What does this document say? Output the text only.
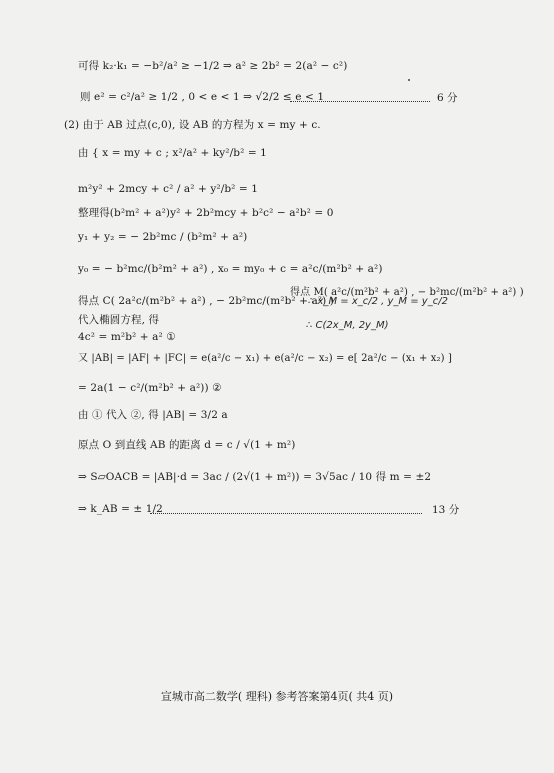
可得 k₂·k₁ = −b²/a² ≥ −1/2 ⇒ a² ≥ 2b² = 2(a² − c²)
则 e² = c²/a² ≥ 1/2 , 0 < e < 1 ⇒ √2/2 ≤ e < 1	6 分
(2) 由于 AB 过点(c,0), 设 AB 的方程为 x = my + c.
由 { x = my + c ; x²/a² + ky²/b² = 1
m²y² + 2mcy + c² / a² + y²/b² = 1
整理得(b²m² + a²)y² + 2b²mcy + b²c² − a²b² = 0
y₁ + y₂ = − 2b²mc / (b²m² + a²)
y₀ = − b²mc/(b²m² + a²) , x₀ = my₀ + c = a²c/(m²b² + a²)
得点 M( a²c/(m²b² + a²) , − b²mc/(m²b² + a²) )
得点 C( 2a²c/(m²b² + a²) , − 2b²mc/(m²b² + a²) )
∴ x_M = x_c/2 , y_M = y_c/2
∴ C(2x_M, 2y_M)
代入椭圆方程, 得
4c² = m²b² + a² ①
又 |AB| = |AF| + |FC| = e(a²/c − x₁) + e(a²/c − x₂) = e[ 2a²/c − (x₁ + x₂) ]
= 2a(1 − c²/(m²b² + a²)) ②
由 ① 代入 ②, 得 |AB| = 3/2 a
原点 O 到直线 AB 的距离 d = c / √(1 + m²)
⇒ S▱OACB = |AB|·d = 3ac / (2√(1 + m²)) = 3√5ac / 10 得 m = ±2
⇒ k_AB = ± 1/2	13 分
宣城市高二数学( 理科) 参考答案第4页( 共4 页)
